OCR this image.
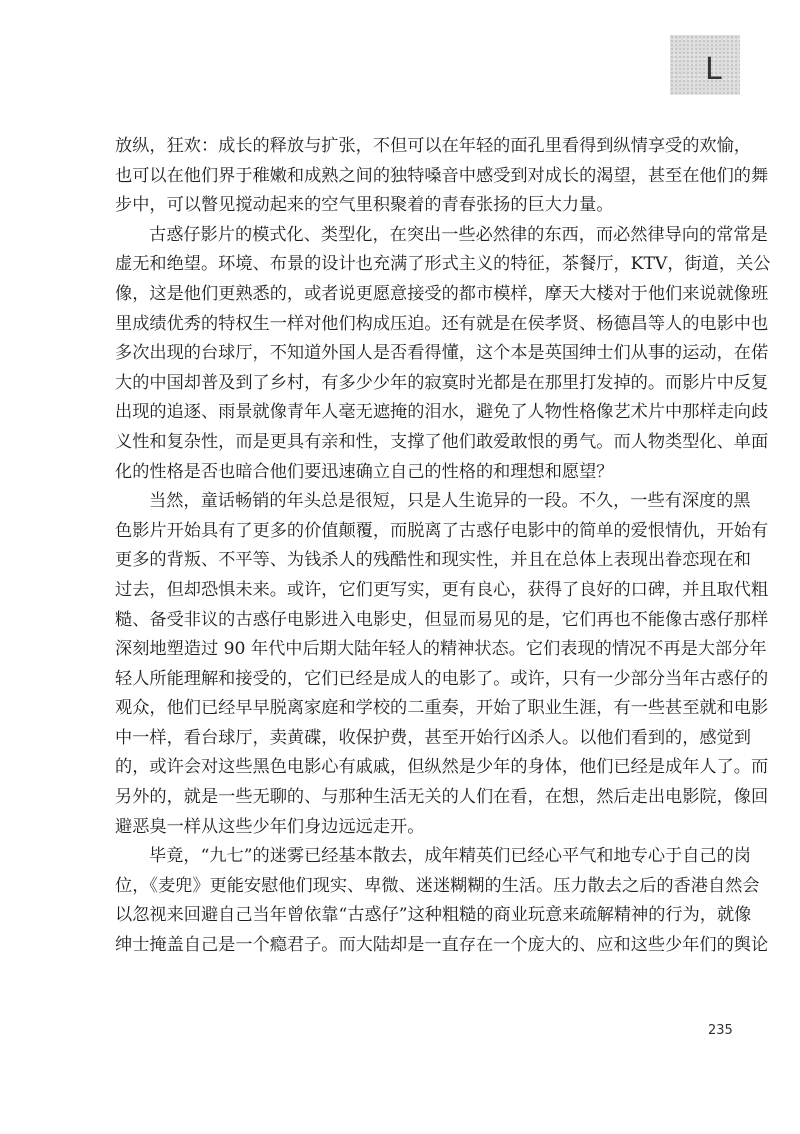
L
放纵，狂欢：成长的释放与扩张，不但可以在年轻的面孔里看得到纵情享受的欢愉，
也可以在他们界于稚嫩和成熟之间的独特嗓音中感受到对成长的渴望，甚至在他们的舞
步中，可以瞥见搅动起来的空气里积聚着的青春张扬的巨大力量。
古惑仔影片的模式化、类型化，在突出一些必然律的东西，而必然律导向的常常是
虚无和绝望。环境、布景的设计也充满了形式主义的特征，茶餐厅，KTV，街道，关公
像，这是他们更熟悉的，或者说更愿意接受的都市模样，摩天大楼对于他们来说就像班
里成绩优秀的特权生一样对他们构成压迫。还有就是在侯孝贤、杨德昌等人的电影中也
多次出现的台球厅，不知道外国人是否看得懂，这个本是英国绅士们从事的运动，在偌
大的中国却普及到了乡村，有多少少年的寂寞时光都是在那里打发掉的。而影片中反复
出现的追逐、雨景就像青年人毫无遮掩的泪水，避免了人物性格像艺术片中那样走向歧
义性和复杂性，而是更具有亲和性，支撑了他们敢爱敢恨的勇气。而人物类型化、单面
化的性格是否也暗合他们要迅速确立自己的性格的和理想和愿望？
当然，童话畅销的年头总是很短，只是人生诡异的一段。不久，一些有深度的黑
色影片开始具有了更多的价值颠覆，而脱离了古惑仔电影中的简单的爱恨情仇，开始有
更多的背叛、不平等、为钱杀人的残酷性和现实性，并且在总体上表现出眷恋现在和
过去，但却恐惧未来。或许，它们更写实，更有良心，获得了良好的口碑，并且取代粗
糙、备受非议的古惑仔电影进入电影史，但显而易见的是，它们再也不能像古惑仔那样
深刻地塑造过 90 年代中后期大陆年轻人的精神状态。它们表现的情况不再是大部分年
轻人所能理解和接受的，它们已经是成人的电影了。或许，只有一少部分当年古惑仔的
观众，他们已经早早脱离家庭和学校的二重奏，开始了职业生涯，有一些甚至就和电影
中一样，看台球厅，卖黄碟，收保护费，甚至开始行凶杀人。以他们看到的，感觉到
的，或许会对这些黑色电影心有戚戚，但纵然是少年的身体，他们已经是成年人了。而
另外的，就是一些无聊的、与那种生活无关的人们在看，在想，然后走出电影院，像回
避恶臭一样从这些少年们身边远远走开。
毕竟，“九七”的迷雾已经基本散去，成年精英们已经心平气和地专心于自己的岗
位，《麦兜》更能安慰他们现实、卑微、迷迷糊糊的生活。压力散去之后的香港自然会
以忽视来回避自己当年曾依靠“古惑仔”这种粗糙的商业玩意来疏解精神的行为，就像
绅士掩盖自己是一个瘾君子。而大陆却是一直存在一个庞大的、应和这些少年们的舆论
235
